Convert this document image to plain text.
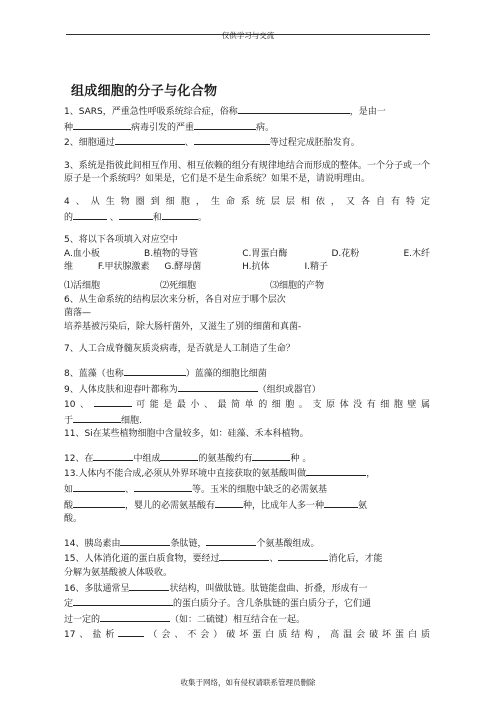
$_{仅供学习与交流}$
组成细胞的分子与化合物

1、SARS，严重急性呼吸系统综合症，俗称	，是由一

种	病毒引发的严重	病。

2、细胞通过	、	等过程完成胚胎发育。

3、系统是指彼此间相互作用、相互依赖的组分有规律地结合而形成的整体。一个分子或一个原子是一个系统吗？如果是，它们是不是生命系统？如果不是，请说明理由。

4、从生物圈到细胞，生命系统层层相依，又各自有特定

的	、	和	。

5、将以下各项填入对应空中

A.血小板	B.植物的导管	C.胃蛋白酶	D.花粉	E.木纤

维	F.甲状腺激素 G.酵母菌	H.抗体	I.精子

⑴活细胞	⑵死细胞	⑶细胞的产物

6、从生命系统的结构层次来分析，各自对应于哪个层次

菌落—

培养基被污染后，除大肠杆菌外，又滋生了别的细菌和真菌-

7、人工合成脊髓灰质炎病毒，是否就是人工制造了生命？

8、蓝藻（也称	）蓝藻的细胞比细菌

9、人体皮肤和迎春叶都称为	（组织或器官）

10、	可能是最小、最简单的细胞。支原体没有细胞壁属

于	细胞.

11、Si在某些植物细胞中含量较多，如：硅藻、禾本科植物。

12、在	中组成	的氨基酸约有	种 。

13.人体内不能合成,必须从外界环境中直接获取的氨基酸叫做	，

如	、	等。玉米的细胞中缺乏的必需氨基

酸	，婴儿的必需氨基酸有	种，比成年人多一种	氨

酸。

14、胰岛素由	条肽链，	个氨基酸组成。

15、人体消化道的蛋白质食物，要经过	、	消化后，才能

分解为氨基酸被人体吸收。

16、多肽通常呈	状结构，叫做肽链。肽链能盘曲、折叠，形成有一

定	的蛋白质分子。含几条肽链的蛋白质分子，它们通

过一定的	（如：二硫键）相互结合在一起。

17、盐析	（会、不会）破坏蛋白质结构，高温会破坏蛋白质

收集于网络，如有侵权请联系管理员删除
